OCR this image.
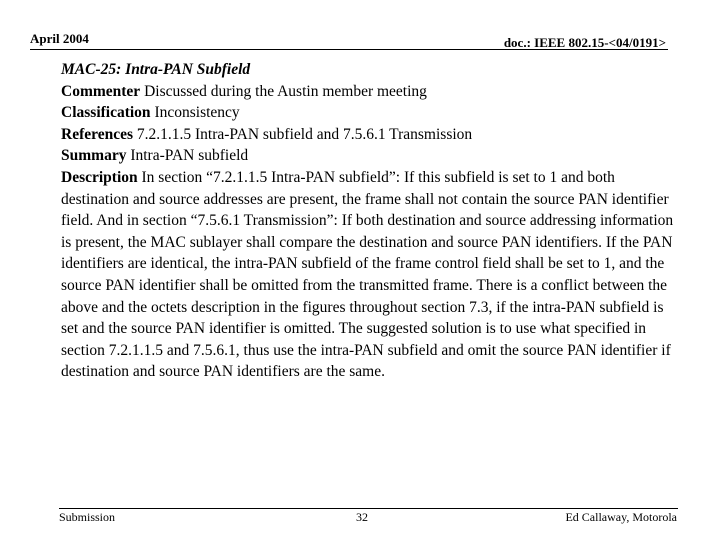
April 2004	doc.: IEEE 802.15-<04/0191>

MAC-25: Intra-PAN Subfield

Commenter Discussed during the Austin member meeting

Classification Inconsistency

References 7.2.1.1.5 Intra-PAN subfield and 7.5.6.1 Transmission

Summary Intra-PAN subfield

Description In section “7.2.1.1.5 Intra-PAN subfield”: If this subfield is set to 1 and both destination and source addresses are present, the frame shall not contain the source PAN identifier field. And in section “7.5.6.1 Transmission”: If both destination and source addressing information is present, the MAC sublayer shall compare the destination and source PAN identifiers. If the PAN identifiers are identical, the intra-PAN subfield of the frame control field shall be set to 1, and the source PAN identifier shall be omitted from the transmitted frame. There is a conflict between the above and the octets description in the figures throughout section 7.3, if the intra-PAN subfield is set and the source PAN identifier is omitted. The suggested solution is to use what specified in section 7.2.1.1.5 and 7.5.6.1, thus use the intra-PAN subfield and omit the source PAN identifier if destination and source PAN identifiers are the same.

Submission	32	Ed Callaway, Motorola
